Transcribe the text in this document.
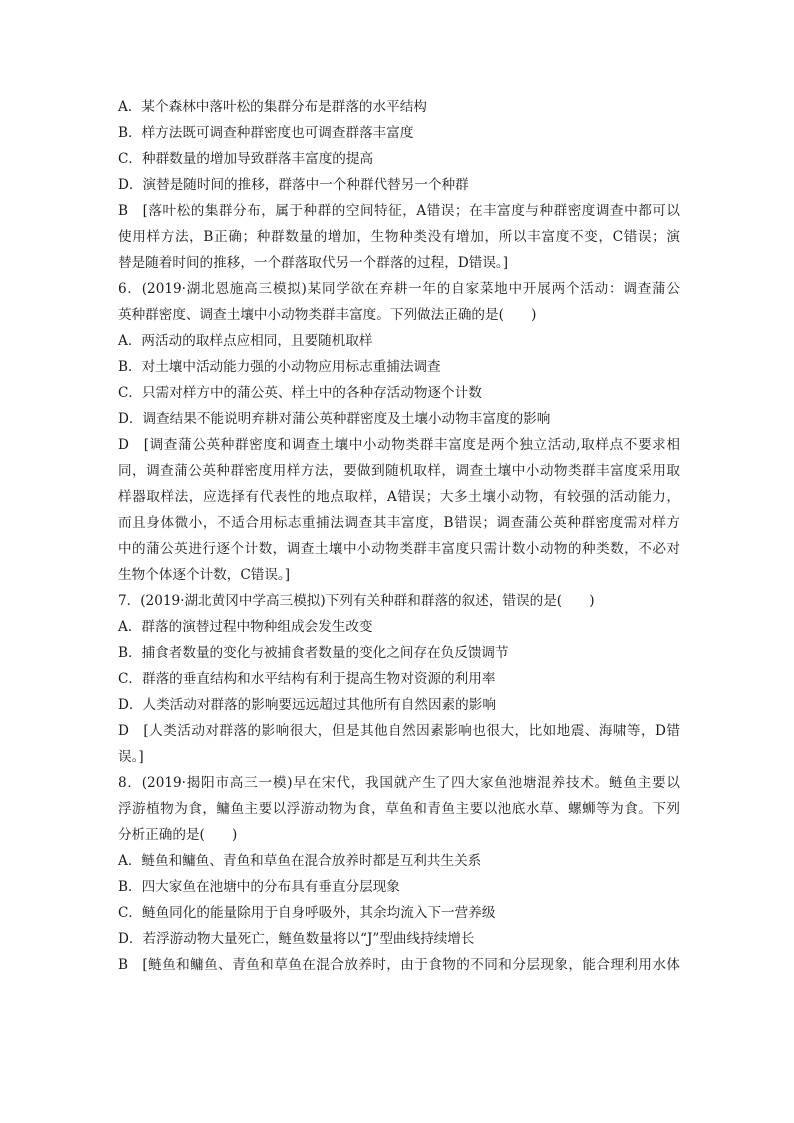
A．某个森林中落叶松的集群分布是群落的水平结构
B．样方法既可调查种群密度也可调查群落丰富度
C．种群数量的增加导致群落丰富度的提高
D．演替是随时间的推移，群落中一个种群代替另一个种群
B　[落叶松的集群分布，属于种群的空间特征，A错误；在丰富度与种群密度调查中都可以
使用样方法，B正确；种群数量的增加，生物种类没有增加，所以丰富度不变，C错误；演
替是随着时间的推移，一个群落取代另一个群落的过程，D错误。]
6．(2019·湖北恩施高三模拟)某同学欲在弃耕一年的自家菜地中开展两个活动：调查蒲公
英种群密度、调查土壤中小动物类群丰富度。下列做法正确的是(　　)
A．两活动的取样点应相同，且要随机取样
B．对土壤中活动能力强的小动物应用标志重捕法调查
C．只需对样方中的蒲公英、样土中的各种存活动物逐个计数
D．调查结果不能说明弃耕对蒲公英种群密度及土壤小动物丰富度的影响
D　[调查蒲公英种群密度和调查土壤中小动物类群丰富度是两个独立活动,取样点不要求相
同，调查蒲公英种群密度用样方法，要做到随机取样，调查土壤中小动物类群丰富度采用取
样器取样法，应选择有代表性的地点取样，A错误；大多土壤小动物，有较强的活动能力，
而且身体微小，不适合用标志重捕法调查其丰富度，B错误；调查蒲公英种群密度需对样方
中的蒲公英进行逐个计数，调查土壤中小动物类群丰富度只需计数小动物的种类数，不必对
生物个体逐个计数，C错误。]
7．(2019·湖北黄冈中学高三模拟)下列有关种群和群落的叙述，错误的是(　　)
A．群落的演替过程中物种组成会发生改变
B．捕食者数量的变化与被捕食者数量的变化之间存在负反馈调节
C．群落的垂直结构和水平结构有利于提高生物对资源的利用率
D．人类活动对群落的影响要远远超过其他所有自然因素的影响
D　[人类活动对群落的影响很大，但是其他自然因素影响也很大，比如地震、海啸等，D错
误。]
8．(2019·揭阳市高三一模)早在宋代，我国就产生了四大家鱼池塘混养技术。鲢鱼主要以
浮游植物为食，鳙鱼主要以浮游动物为食，草鱼和青鱼主要以池底水草、螺蛳等为食。下列
分析正确的是(　　)
A．鲢鱼和鳙鱼、青鱼和草鱼在混合放养时都是互利共生关系
B．四大家鱼在池塘中的分布具有垂直分层现象
C．鲢鱼同化的能量除用于自身呼吸外，其余均流入下一营养级
D．若浮游动物大量死亡，鲢鱼数量将以“J”型曲线持续增长
B　[鲢鱼和鳙鱼、青鱼和草鱼在混合放养时，由于食物的不同和分层现象，能合理利用水体
